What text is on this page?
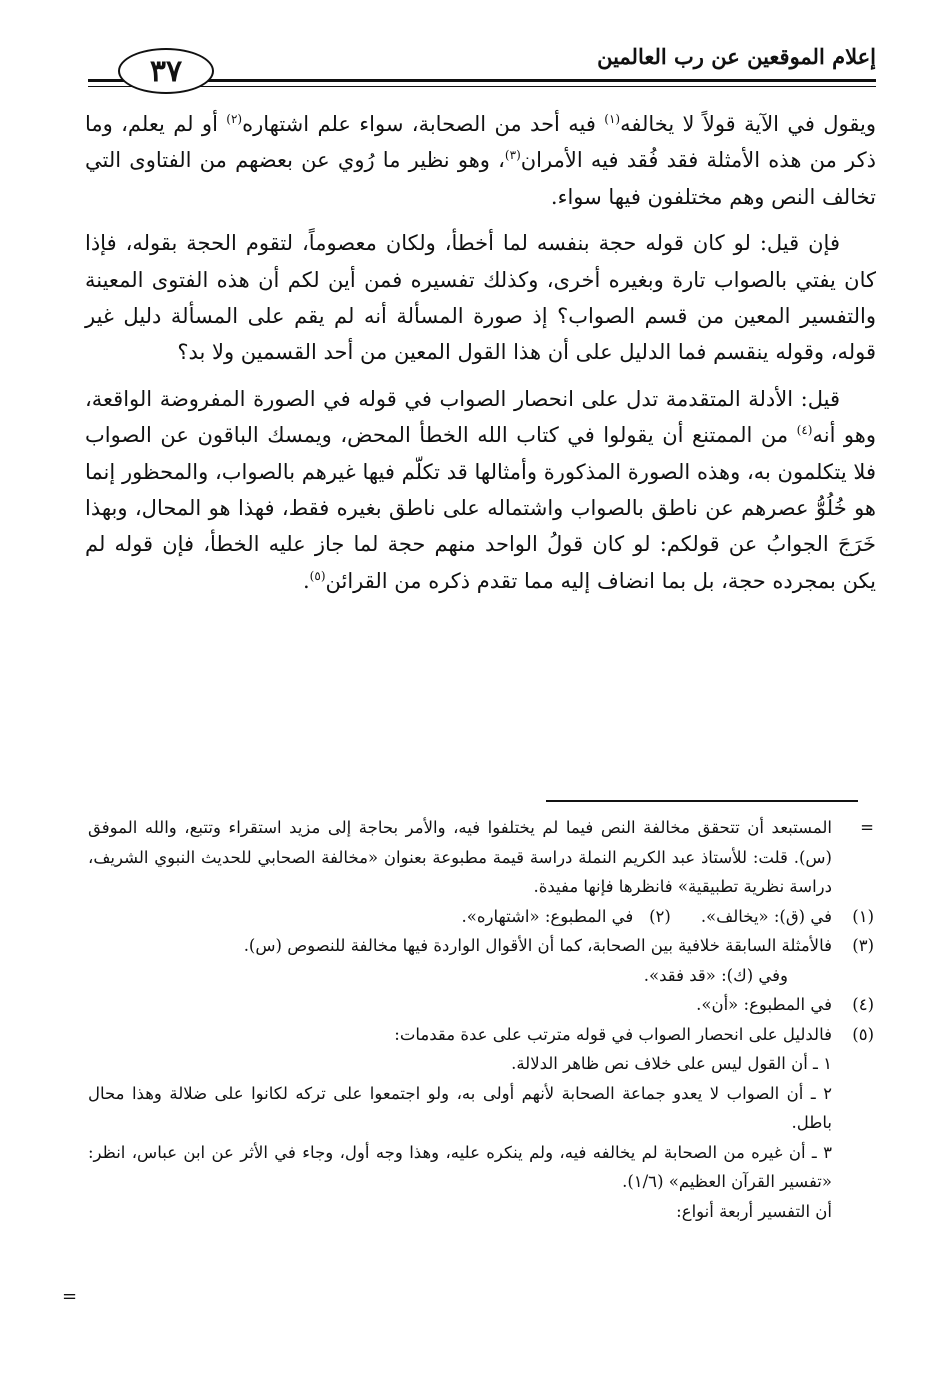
إعلام الموقعين عن رب العالمين
٣٧

ويقول في الآية قولاً لا يخالفه$^{(١)}$ فيه أحد من الصحابة، سواء علم اشتهاره$^{(٢)}$ أو لم يعلم، وما ذكر من هذه الأمثلة فقد فُقد فيه الأمران$^{(٣)}$، وهو نظير ما رُوي عن بعضهم من الفتاوى التي تخالف النص وهم مختلفون فيها سواء.

فإن قيل: لو كان قوله حجة بنفسه لما أخطأ، ولكان معصوماً، لتقوم الحجة بقوله، فإذا كان يفتي بالصواب تارة وبغيره أخرى، وكذلك تفسيره فمن أين لكم أن هذه الفتوى المعينة والتفسير المعين من قسم الصواب؟ إذ صورة المسألة أنه لم يقم على المسألة دليل غير قوله، وقوله ينقسم فما الدليل على أن هذا القول المعين من أحد القسمين ولا بد؟

قيل: الأدلة المتقدمة تدل على انحصار الصواب في قوله في الصورة المفروضة الواقعة، وهو أنه$^{(٤)}$ من الممتنع أن يقولوا في كتاب الله الخطأ المحض، ويمسك الباقون عن الصواب فلا يتكلمون به، وهذه الصورة المذكورة وأمثالها قد تكلّم فيها غيرهم بالصواب، والمحظور إنما هو خُلُوُّ عصرهم عن ناطق بالصواب واشتماله على ناطق بغيره فقط، فهذا هو المحال، وبهذا خَرَجَ الجوابُ عن قولكم: لو كان قولُ الواحد منهم حجة لما جاز عليه الخطأ، فإن قوله لم يكن بمجرده حجة، بل بما انضاف إليه مما تقدم ذكره من القرائن$^{(٥)}$.

=
المستبعد أن تتحقق مخالفة النص فيما لم يختلفوا فيه، والأمر بحاجة إلى مزيد استقراء وتتبع، والله الموفق (س). قلت: للأستاذ عبد الكريم النملة دراسة قيمة مطبوعة بعنوان «مخالفة الصحابي للحديث النبوي الشريف، دراسة نظرية تطبيقية» فانظرها فإنها مفيدة.
(١)
في (ق): «يخالف».
(٢)   في المطبوع: «اشتهاره».
(٣)
فالأمثلة السابقة خلافية بين الصحابة، كما أن الأقوال الواردة فيها مخالفة للنصوص (س).
وفي (ك): «قد فقد».
(٤)
في المطبوع: «أن».
(٥)
فالدليل على انحصار الصواب في قوله مترتب على عدة مقدمات:
١ ـ أن القول ليس على خلاف نص ظاهر الدلالة.
٢ ـ أن الصواب لا يعدو جماعة الصحابة لأنهم أولى به، ولو اجتمعوا على تركه لكانوا على ضلالة وهذا محال باطل.
٣ ـ أن غيره من الصحابة لم يخالفه فيه، ولم ينكره عليه، وهذا وجه أول، وجاء في الأثر عن ابن عباس، انظر: «تفسير القرآن العظيم» (١/٦).
أن التفسير أربعة أنواع:
=
